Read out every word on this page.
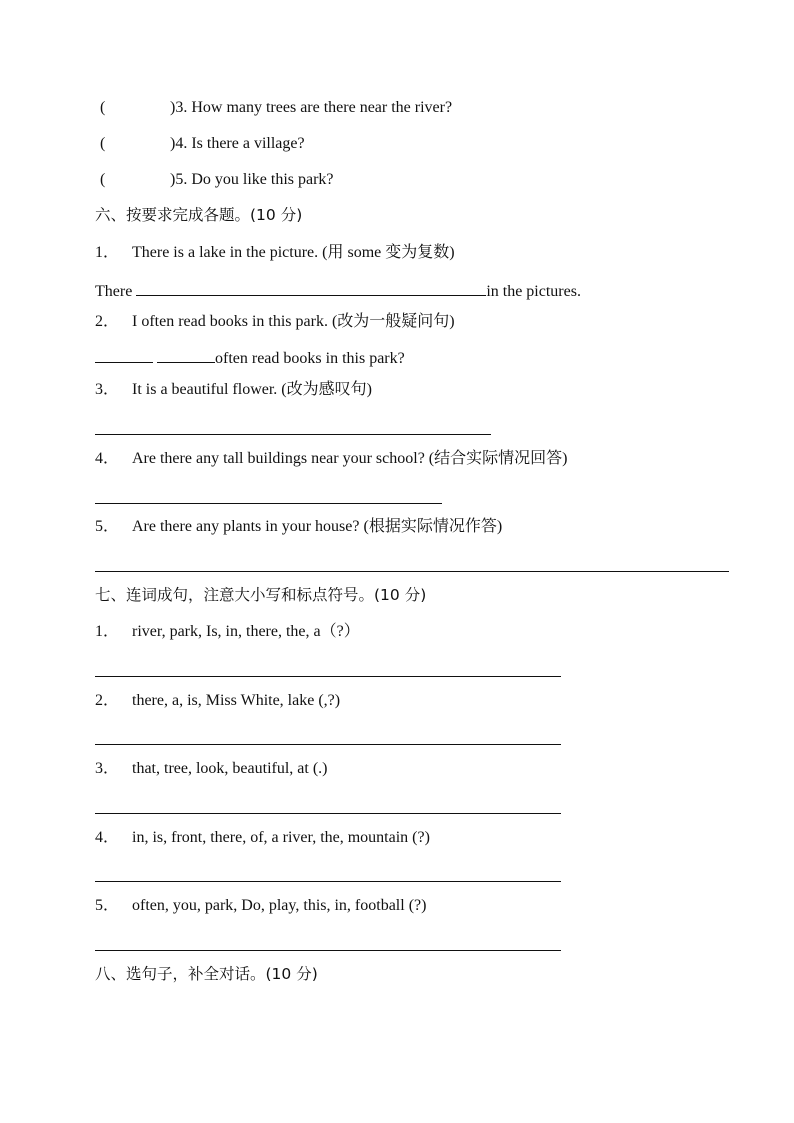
(	)3. How many trees are there near the river?
(	)4. Is there a village?
(	)5. Do you like this park?
六、按要求完成各题。(10 分)
1． There is a lake in the picture. (用 some 变为复数)
There	in the pictures.
2． I often read books in this park. (改为一般疑问句)
often read books in this park?
3． It is a beautiful flower. (改为感叹句)
4． Are there any tall buildings near your school? (结合实际情况回答)
5． Are there any plants in your house? (根据实际情况作答)
七、连词成句，注意大小写和标点符号。(10 分)
1． river, park, Is, in, there, the, a（?）
2． there, a, is, Miss White, lake (,?)
3． that, tree, look, beautiful, at (.)
4． in, is, front, there, of, a river, the, mountain (?)
5． often, you, park, Do, play, this, in, football (?)
八、选句子，补全对话。(10 分)
